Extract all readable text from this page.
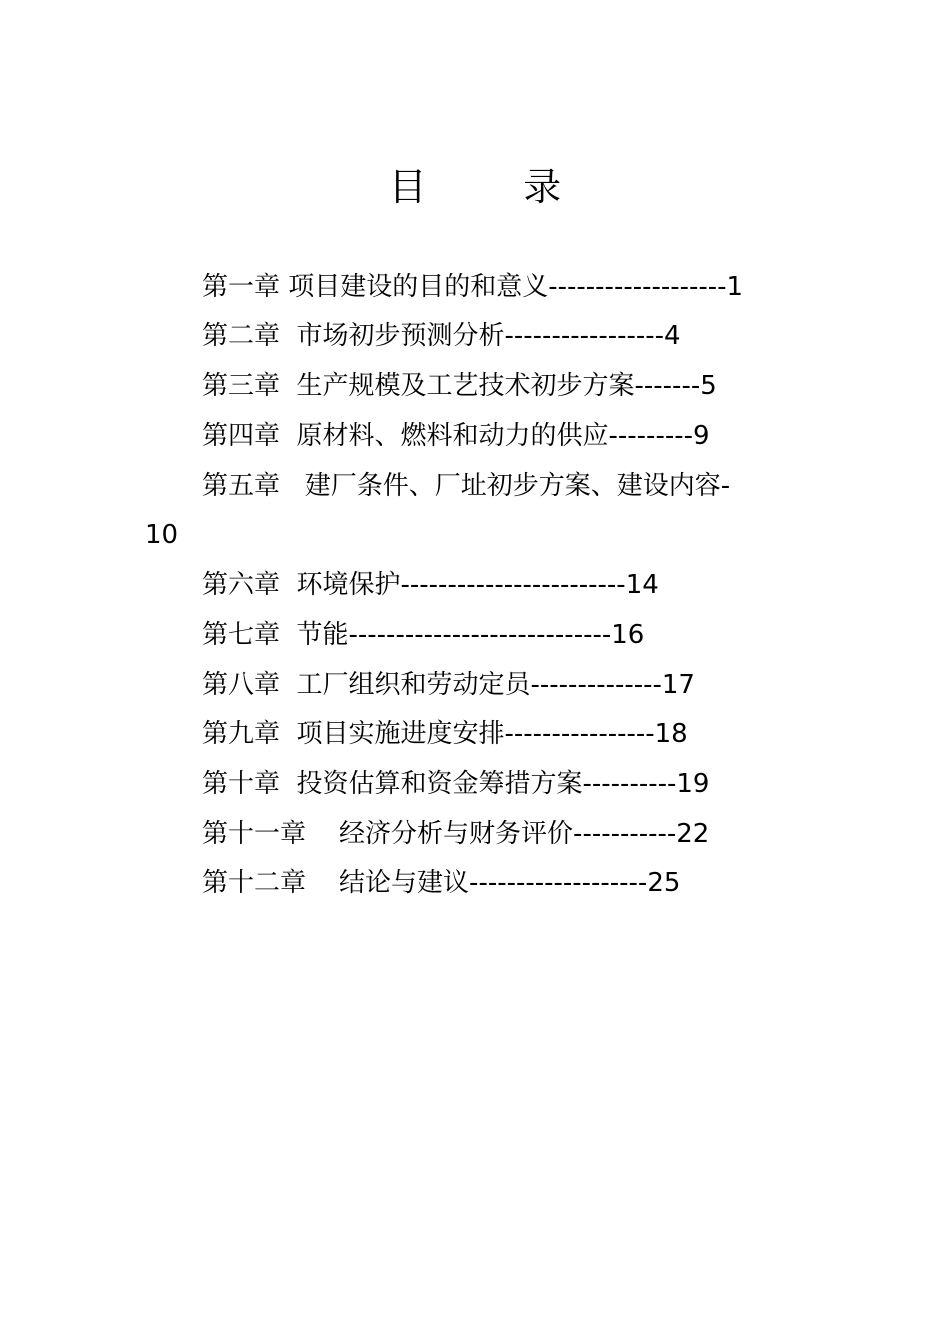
目        录

第一章 项目建设的目的和意义-------------------1

第二章  市场初步预测分析-----------------4

第三章  生产规模及工艺技术初步方案-------5

第四章  原材料、燃料和动力的供应---------9

第五章   建厂条件、厂址初步方案、建设内容-

10

第六章  环境保护------------------------14

第七章  节能----------------------------16

第八章  工厂组织和劳动定员--------------17

第九章  项目实施进度安排----------------18

第十章  投资估算和资金筹措方案----------19

第十一章    经济分析与财务评价-----------22

第十二章    结论与建议-------------------25
